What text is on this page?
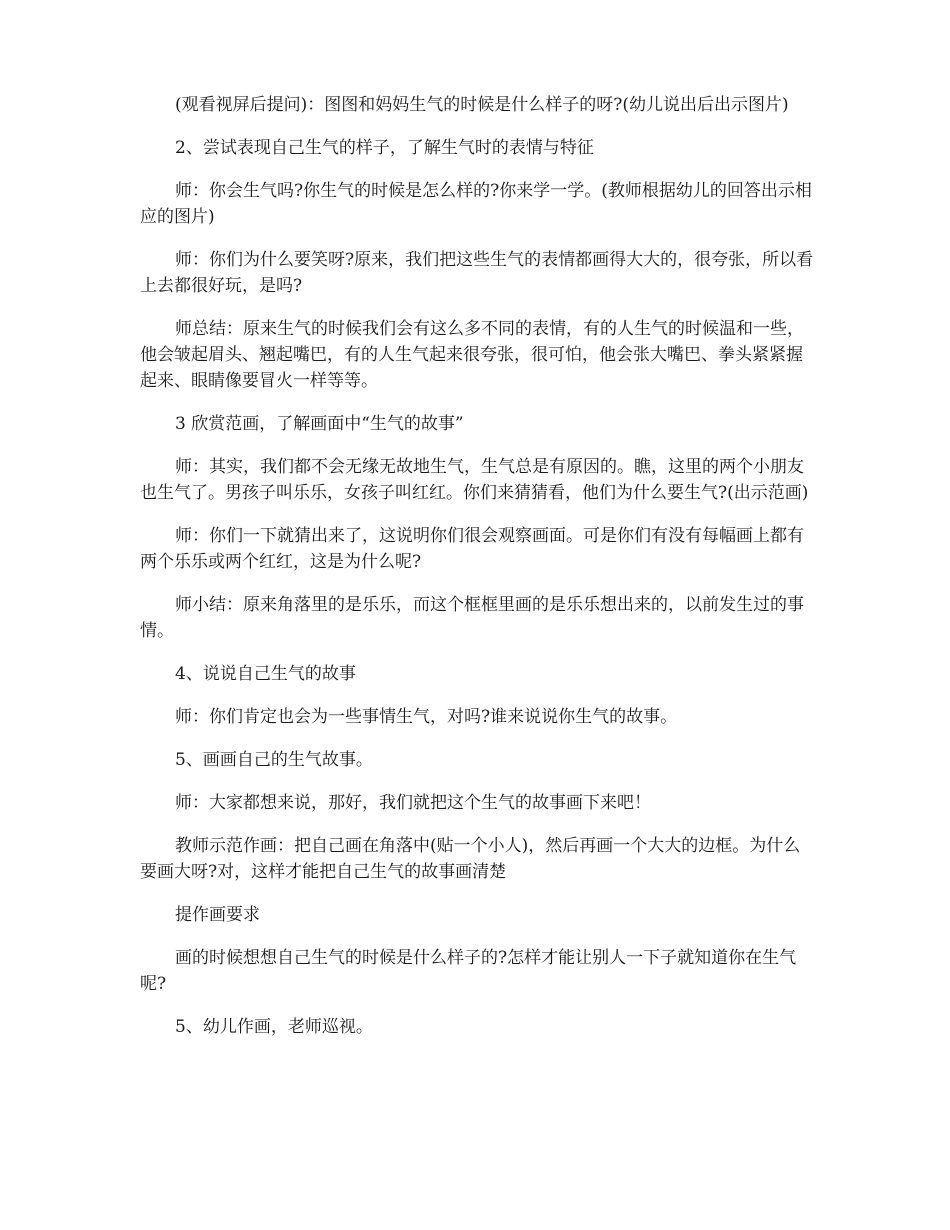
(观看视屏后提问)：图图和妈妈生气的时候是什么样子的呀?(幼儿说出后出示图片)

2、尝试表现自己生气的样子，了解生气时的表情与特征

师：你会生气吗?你生气的时候是怎么样的?你来学一学。(教师根据幼儿的回答出示相应的图片)

师：你们为什么要笑呀?原来，我们把这些生气的表情都画得大大的，很夸张，所以看上去都很好玩，是吗?

师总结：原来生气的时候我们会有这么多不同的表情，有的人生气的时候温和一些，他会皱起眉头、翘起嘴巴，有的人生气起来很夸张，很可怕，他会张大嘴巴、拳头紧紧握起来、眼睛像要冒火一样等等。

3 欣赏范画，了解画面中“生气的故事”

师：其实，我们都不会无缘无故地生气，生气总是有原因的。瞧，这里的两个小朋友也生气了。男孩子叫乐乐，女孩子叫红红。你们来猜猜看，他们为什么要生气?(出示范画)

师：你们一下就猜出来了，这说明你们很会观察画面。可是你们有没有每幅画上都有两个乐乐或两个红红，这是为什么呢?

师小结：原来角落里的是乐乐，而这个框框里画的是乐乐想出来的，以前发生过的事情。

4、说说自己生气的故事

师：你们肯定也会为一些事情生气，对吗?谁来说说你生气的故事。

5、画画自己的生气故事。

师：大家都想来说，那好，我们就把这个生气的故事画下来吧！

教师示范作画：把自己画在角落中(贴一个小人)，然后再画一个大大的边框。为什么要画大呀?对，这样才能把自己生气的故事画清楚

提作画要求

画的时候想想自己生气的时候是什么样子的?怎样才能让别人一下子就知道你在生气呢?

5、幼儿作画，老师巡视。
